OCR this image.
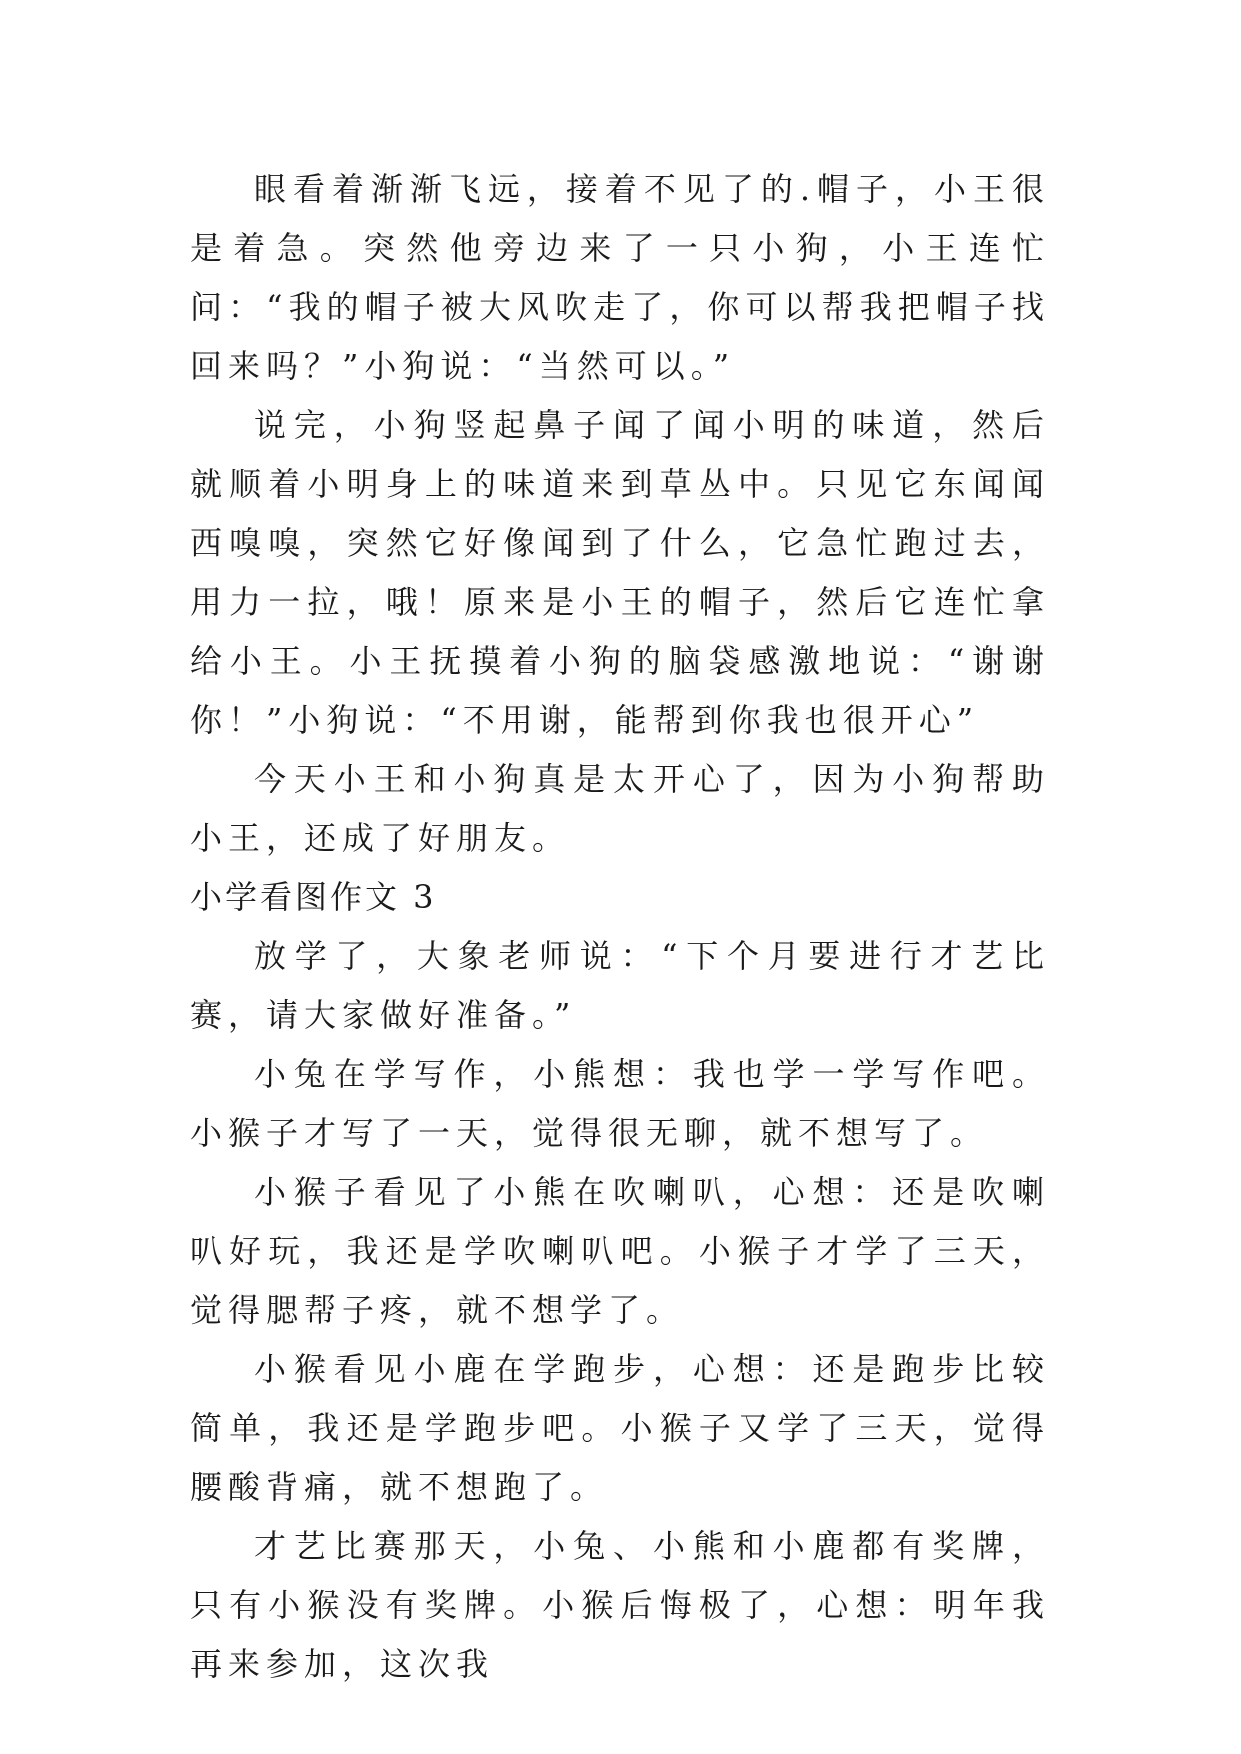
眼看着渐渐飞远，接着不见了的.帽子，小王很是着急。突然他旁边来了一只小狗，小王连忙问：“我的帽子被大风吹走了，你可以帮我把帽子找回来吗？”小狗说：“当然可以。”

说完，小狗竖起鼻子闻了闻小明的味道，然后就顺着小明身上的味道来到草丛中。只见它东闻闻西嗅嗅，突然它好像闻到了什么，它急忙跑过去，用力一拉，哦！原来是小王的帽子，然后它连忙拿给小王。小王抚摸着小狗的脑袋感激地说：“谢谢你！”小狗说：“不用谢，能帮到你我也很开心”

今天小王和小狗真是太开心了，因为小狗帮助小王，还成了好朋友。

小学看图作文 3

放学了，大象老师说：“下个月要进行才艺比赛，请大家做好准备。”

小兔在学写作，小熊想：我也学一学写作吧。小猴子才写了一天，觉得很无聊，就不想写了。

小猴子看见了小熊在吹喇叭，心想：还是吹喇叭好玩，我还是学吹喇叭吧。小猴子才学了三天，觉得腮帮子疼，就不想学了。

小猴看见小鹿在学跑步，心想：还是跑步比较简单，我还是学跑步吧。小猴子又学了三天，觉得腰酸背痛，就不想跑了。

才艺比赛那天，小兔、小熊和小鹿都有奖牌，只有小猴没有奖牌。小猴后悔极了，心想：明年我再来参加，这次我
